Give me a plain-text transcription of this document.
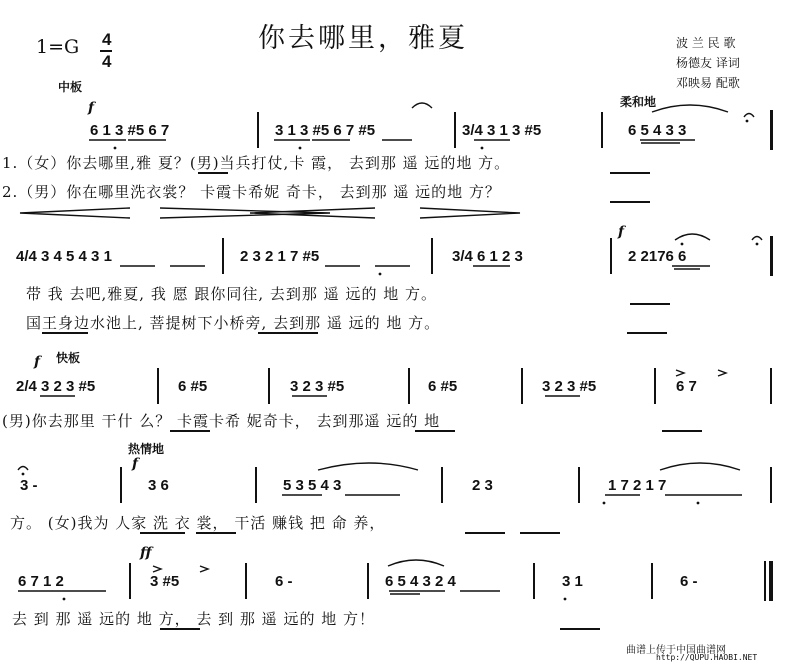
你去哪里，雅夏
1=G 4
4
波 兰 民 歌
杨德友 译词
邓映易 配歌
中板
f	柔和地
f
f 快板
热情地
f
ff
6 1 3 #5 6 7	3 1 3 #5 6 7 #5	3/4 3 1 3 #5	6 5 4 3 3
1.（女）你去哪里,雅 夏？(男)当兵打仗,卡 霞， 去到那 遥 远的地 方。
2.（男）你在哪里洗衣裳？ 卡霞卡希妮 奇卡， 去到那 遥 远的地 方？
4/4 3 4 5 4 3 1	2 3 2 1 7 #5	3/4 6 1 2 3	2 2176 6
带 我 去吧,雅夏, 我 愿 跟你同往, 去到那 遥 远的 地 方。
国王身边水池上, 菩提树下小桥旁, 去到那 遥 远的 地 方。
2/4 3 2 3 #5	6 #5	3 2 3 #5	6 #5	3 2 3 #5	6 7
(男)你去那里 干什 么？ 卡霞卡希 妮奇卡， 去到那遥 远的 地
3 -	3 6	5 3 5 4 3	2 3	1 7 2 1 7
方。 (女)我为 人家 洗 衣 裳， 干活 赚钱 把 命 养，
6 7 1 2	3 #5	6 -	6 5 4 3 2 4	3 1	6 -
去 到 那 遥 远的 地 方， 去 到 那 遥 远的 地 方！
曲谱上传于中国曲谱网
http://QUPU.HAOBI.NET
